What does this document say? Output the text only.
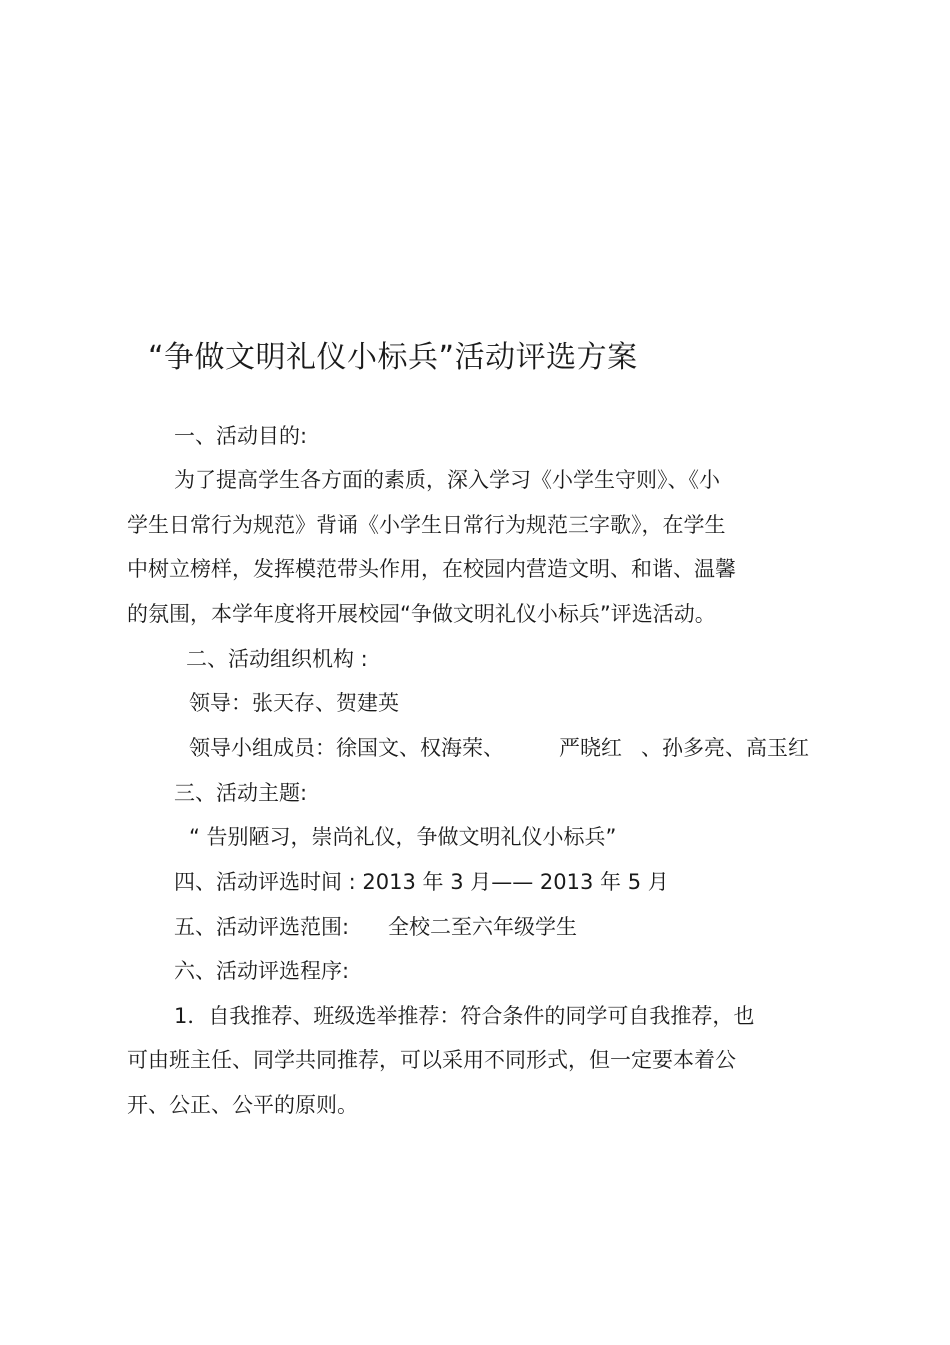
“争做文明礼仪小标兵”活动评选方案
一、活动目的:
为了提高学生各方面的素质，深入学习《小学生守则》、《小
学生日常行为规范》背诵《小学生日常行为规范三字歌》，在学生
中树立榜样，发挥模范带头作用，在校园内营造文明、和谐、温馨
的氛围，本学年度将开展校园“争做文明礼仪小标兵”评选活动。
二、活动组织机构 :
领导：张天存、贺建英
领导小组成员：徐国文、权海荣、	严晓红 、孙多亮、高玉红
三、活动主题:
“ 告别陋习，崇尚礼仪，争做文明礼仪小标兵”
四、活动评选时间 : 2013 年 3 月—— 2013 年 5 月
五、活动评选范围: 全校二至六年级学生
六、活动评选程序:
1．自我推荐、班级选举推荐：符合条件的同学可自我推荐，也
可由班主任、同学共同推荐，可以采用不同形式，但一定要本着公
开、公正、公平的原则。
